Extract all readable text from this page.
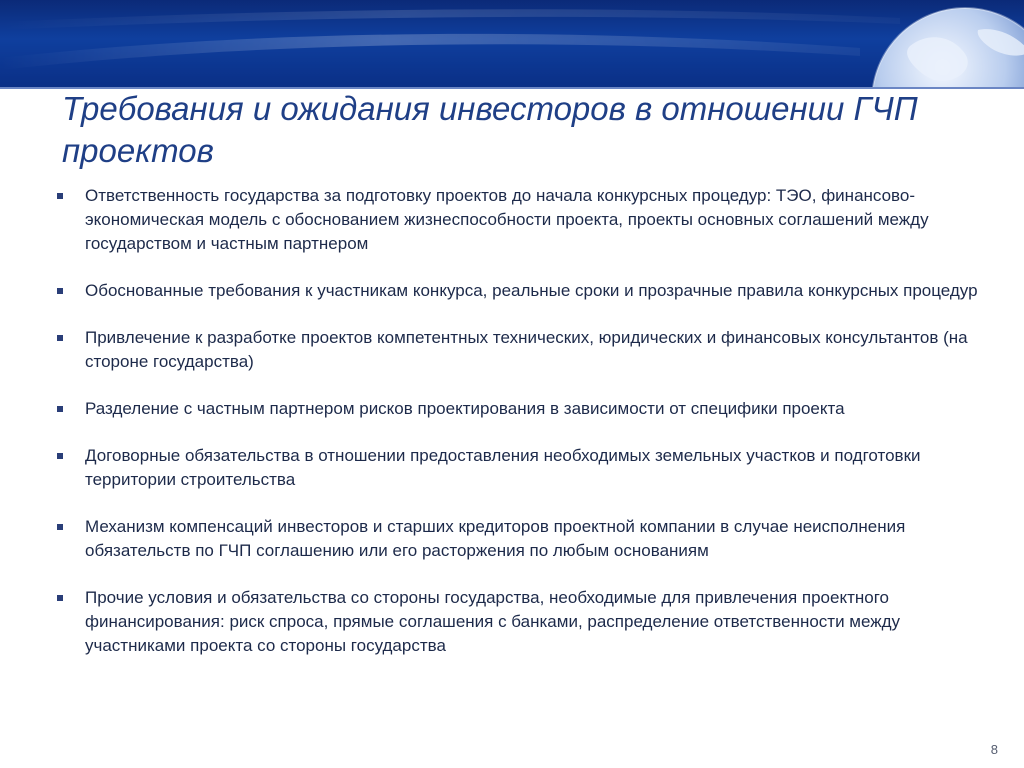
Требования и ожидания инвесторов в отношении ГЧП проектов
Ответственность государства за подготовку проектов до начала конкурсных процедур: ТЭО, финансово-экономическая модель с обоснованием жизнеспособности проекта, проекты основных соглашений между государством и частным партнером
Обоснованные требования к участникам конкурса, реальные сроки и прозрачные правила конкурсных процедур
Привлечение к разработке проектов компетентных технических, юридических и финансовых консультантов (на стороне государства)
Разделение с частным партнером рисков проектирования в зависимости от специфики проекта
Договорные обязательства в отношении предоставления необходимых земельных участков и подготовки территории строительства
Механизм компенсаций инвесторов и старших кредиторов проектной компании в случае неисполнения обязательств по ГЧП соглашению или его расторжения по любым основаниям
Прочие условия и обязательства со стороны государства, необходимые для привлечения проектного финансирования: риск спроса, прямые соглашения с банками, распределение ответственности между участниками проекта со стороны государства
8
